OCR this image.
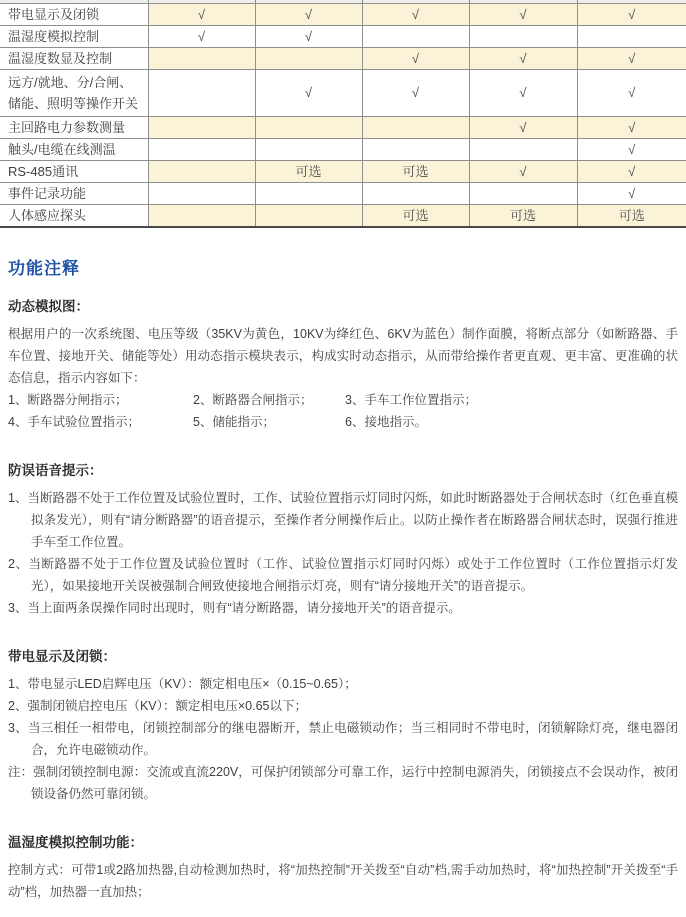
带电显示及闭锁	√	√	√	√	√
温湿度模拟控制	√	√			
温湿度数显及控制			√	√	√
远方/就地、分/合闸、储能、照明等操作开关		√	√	√	√
主回路电力参数测量				√	√
触头/电缆在线测温					√
RS-485通讯		可选	可选	√	√
事件记录功能					√
人体感应探头			可选	可选	可选
功能注释
动态模拟图：

根据用户的一次系统图、电压等级（35KV为黄色，10KV为绛红色、6KV为蓝色）制作面膜，将断点部分（如断路器、手车位置、接地开关、储能等处）用动态指示模块表示，构成实时动态指示，从而带给操作者更直观、更丰富、更准确的状态信息，指示内容如下：

1、断路器分闸指示；	2、断路器合闸指示；	3、手车工作位置指示；
4、手车试验位置指示；	5、储能指示；	6、接地指示。
防误语音提示：

1、当断路器不处于工作位置及试验位置时，工作、试验位置指示灯同时闪烁，如此时断路器处于合闸状态时（红色垂直模拟条发光），则有“请分断路器”的语音提示，至操作者分闸操作后止。以防止操作者在断路器合闸状态时，误强行推进手车至工作位置。

2、当断路器不处于工作位置及试验位置时（工作、试验位置指示灯同时闪烁）或处于工作位置时（工作位置指示灯发光），如果接地开关误被强制合闸致使接地合闸指示灯亮，则有“请分接地开关”的语音提示。

3、当上面两条误操作同时出现时，则有“请分断路器，请分接地开关”的语音提示。

带电显示及闭锁：

1、带电显示LED启辉电压（KV）：额定相电压×（0.15~0.65）；

2、强制闭锁启控电压（KV）：额定相电压×0.65以下；

3、当三相任一相带电，闭锁控制部分的继电器断开，禁止电磁锁动作；当三相同时不带电时，闭锁解除灯亮，继电器闭合，允许电磁锁动作。

注：强制闭锁控制电源：交流或直流220V，可保护闭锁部分可靠工作，运行中控制电源消失，闭锁接点不会误动作，被闭锁设备仍然可靠闭锁。

温湿度模拟控制功能：

控制方式：可带1或2路加热器,自动检测加热时，将“加热控制”开关拨至“自动”档,需手动加热时，将“加热控制”开关拨至“手动”档，加热器一直加热；
